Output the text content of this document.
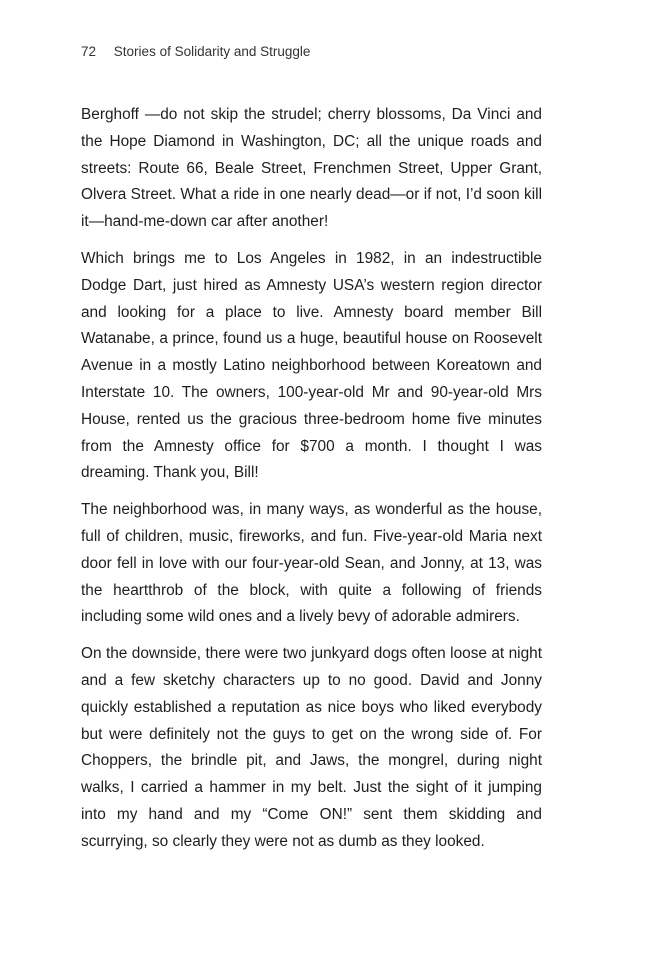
72 Stories of Solidarity and Struggle

Berghoff —do not skip the strudel; cherry blossoms, Da Vinci and the Hope Diamond in Washington, DC; all the unique roads and streets: Route 66, Beale Street, Frenchmen Street, Upper Grant, Olvera Street. What a ride in one nearly dead—or if not, I’d soon kill it—hand-me-down car after another!

Which brings me to Los Angeles in 1982, in an indestructible Dodge Dart, just hired as Amnesty USA’s western region director and looking for a place to live. Amnesty board member Bill Watanabe, a prince, found us a huge, beautiful house on Roosevelt Avenue in a mostly Latino neighborhood between Koreatown and Interstate 10. The owners, 100-year-old Mr and 90-year-old Mrs House, rented us the gracious three-bedroom home five minutes from the Amnesty office for $700 a month. I thought I was dreaming. Thank you, Bill!

The neighborhood was, in many ways, as wonderful as the house, full of children, music, fireworks, and fun. Five-year-old Maria next door fell in love with our four-year-old Sean, and Jonny, at 13, was the heartthrob of the block, with quite a following of friends including some wild ones and a lively bevy of adorable admirers.

On the downside, there were two junkyard dogs often loose at night and a few sketchy characters up to no good. David and Jonny quickly established a reputation as nice boys who liked everybody but were definitely not the guys to get on the wrong side of. For Choppers, the brindle pit, and Jaws, the mongrel, during night walks, I carried a hammer in my belt. Just the sight of it jumping into my hand and my “Come ON!” sent them skidding and scurrying, so clearly they were not as dumb as they looked.
